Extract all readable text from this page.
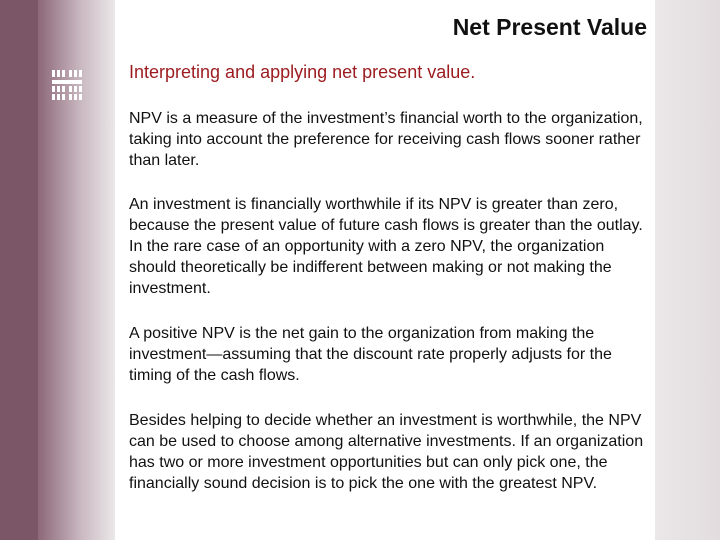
Net Present Value
Interpreting and applying net present value.

NPV is a measure of the investment’s financial worth to the organization, taking into account the preference for receiving cash flows sooner rather than later.

An investment is financially worthwhile if its NPV is greater than zero, because the present value of future cash flows is greater than the outlay. In the rare case of an opportunity with a zero NPV, the organization should theoretically be indifferent between making or not making the investment.

A positive NPV is the net gain to the organization from making the investment—assuming that the discount rate properly adjusts for the timing of the cash flows.

Besides helping to decide whether an investment is worthwhile, the NPV can be used to choose among alternative investments. If an organization has two or more investment opportunities but can only pick one, the financially sound decision is to pick the one with the greatest NPV.
